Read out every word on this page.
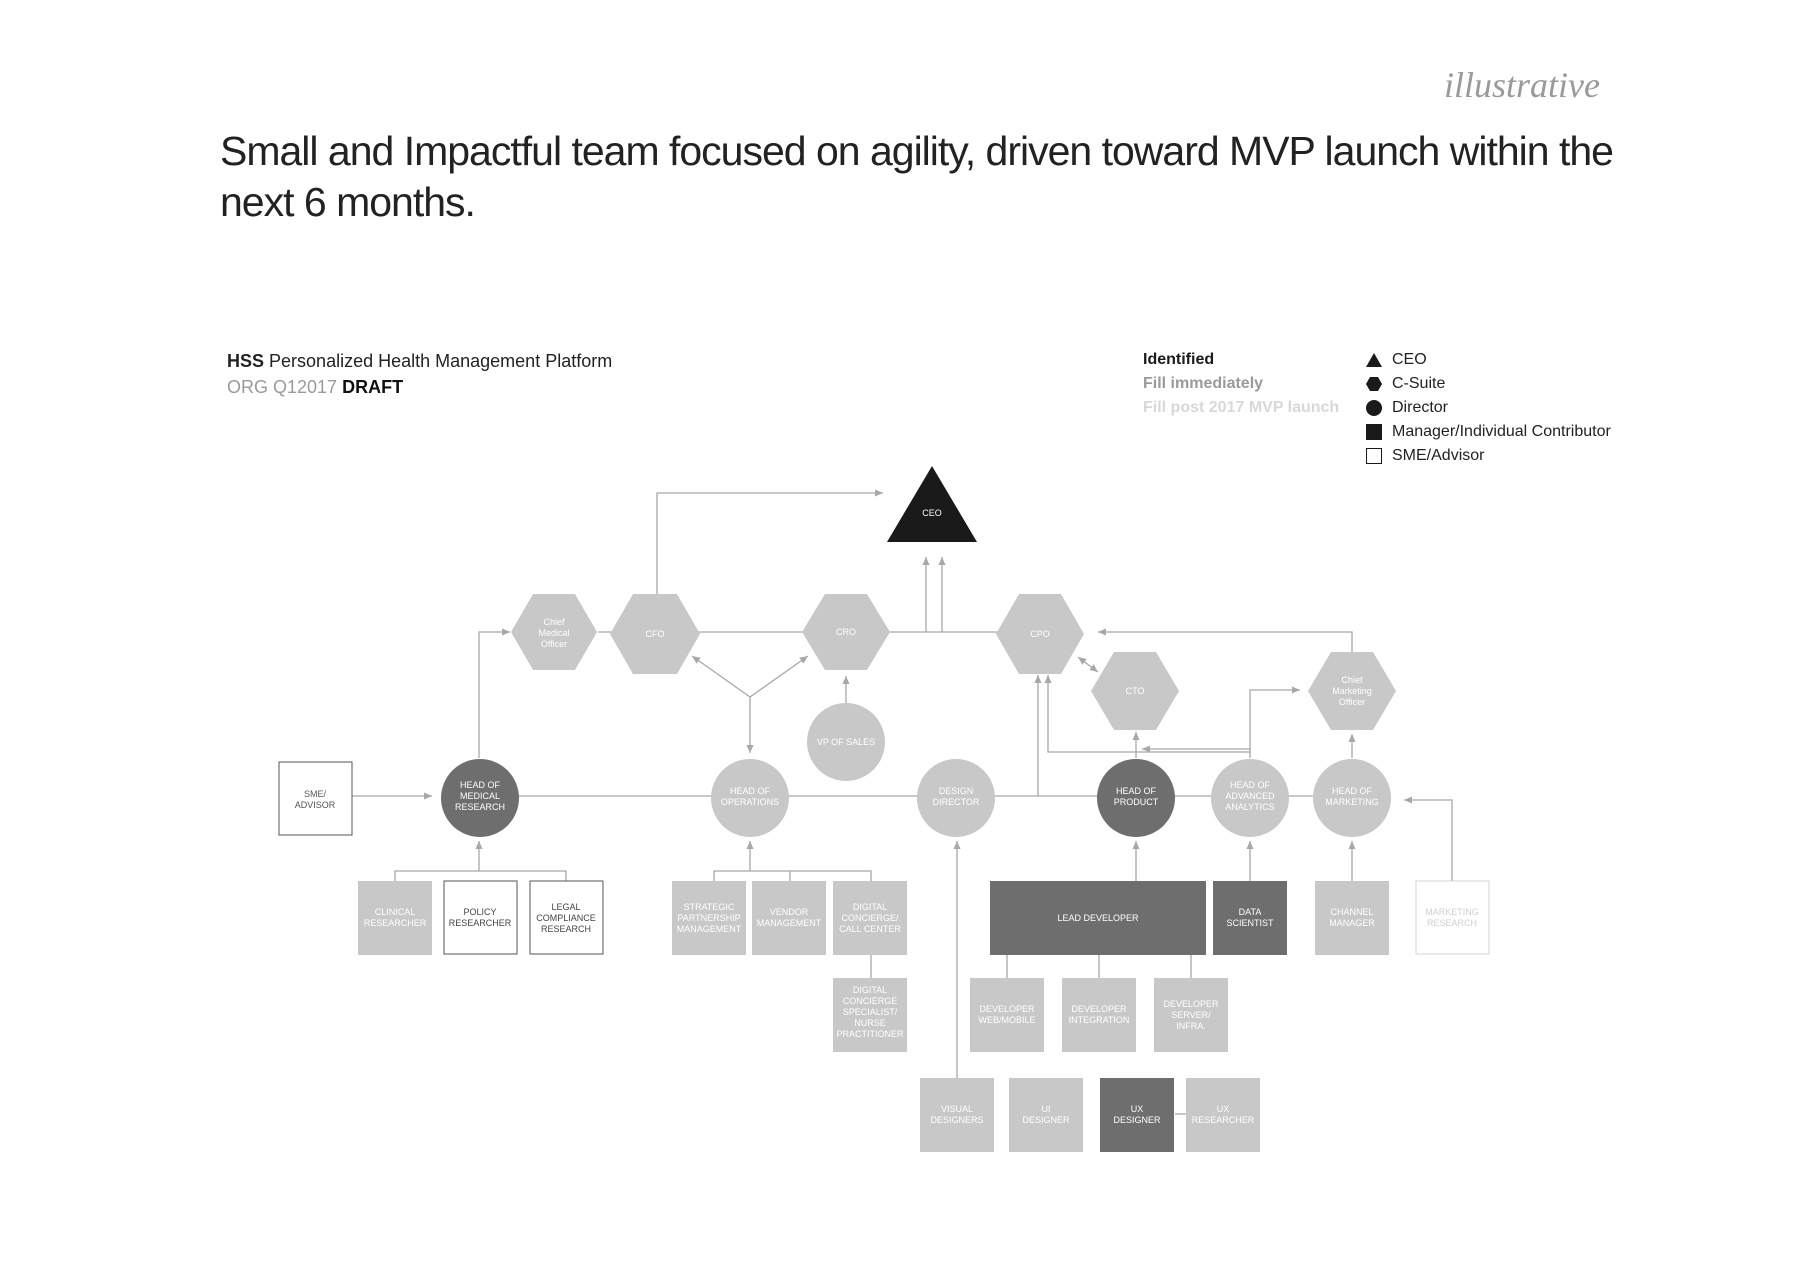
illustrative
Small and Impactful team focused on agility, driven toward MVP launch within the next 6 months.
HSS Personalized Health Management Platform
ORG Q12017 DRAFT
Identified
Fill immediately
Fill post 2017 MVP launch
CEO
C-Suite
Director
Manager/Individual Contributor
SME/Advisor
CEO
Chief Medical Officer
CFO	CRO	CPO
CTO
Chief Marketing Officer
VP OF SALES
HEAD OF MEDICAL RESEARCH
HEAD OF OPERATIONS
DESIGN DIRECTOR
HEAD OF PRODUCT
HEAD OF ADVANCED ANALYTICS
HEAD OF MARKETING
SME/ ADVISOR
CLINICAL RESEARCHER
POLICY RESEARCHER
LEGAL COMPLIANCE RESEARCH
STRATEGIC PARTNERSHIP MANAGEMENT
VENDOR MANAGEMENT
DIGITAL CONCIERGE/ CALL CENTER
DIGITAL CONCIERGE SPECIALIST/ NURSE PRACTITIONER
LEAD DEVELOPER
DATA SCIENTIST
CHANNEL MANAGER
MARKETING RESEARCH
DEVELOPER WEB/MOBILE
DEVELOPER INTEGRATION
DEVELOPER SERVER/ INFRA.
VISUAL DESIGNERS
UI DESIGNER
UX DESIGNER
UX RESEARCHER
